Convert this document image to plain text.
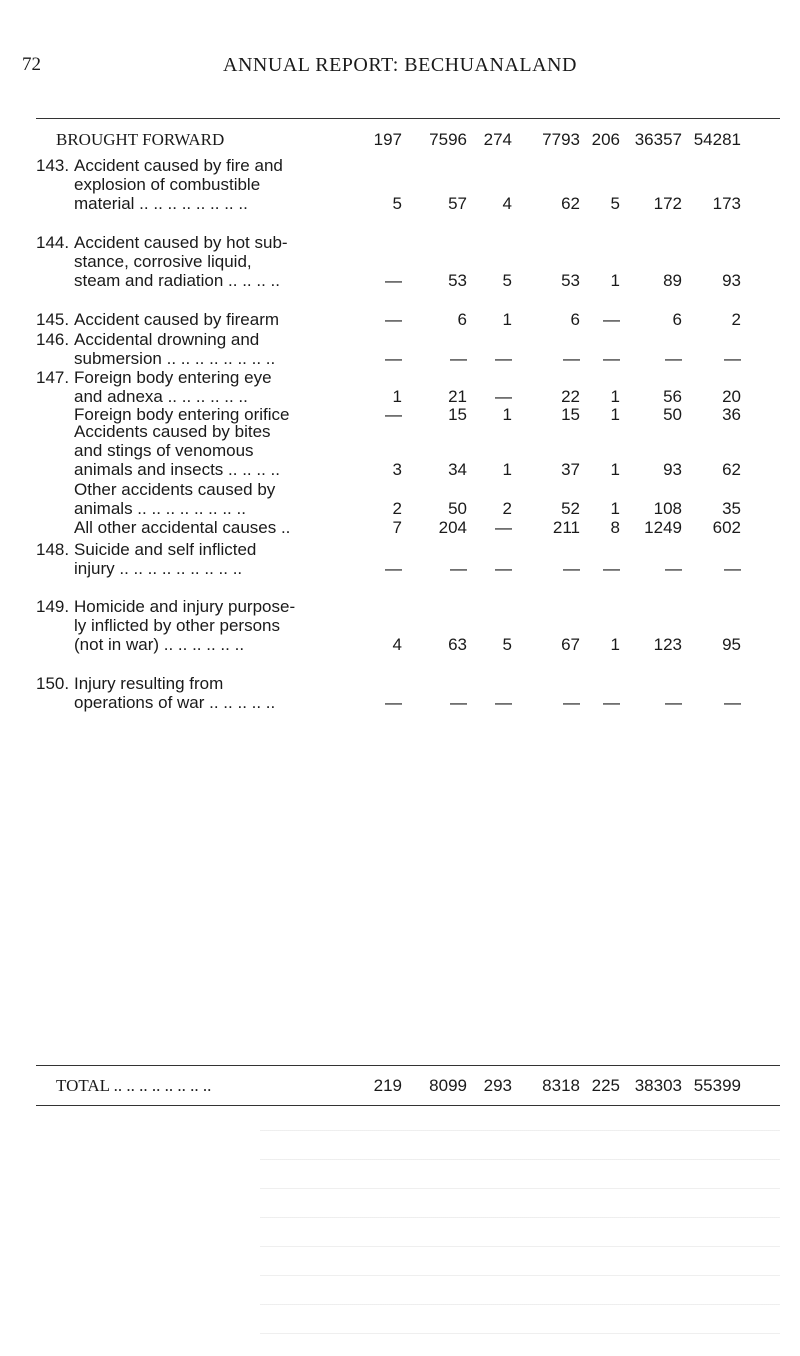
72	ANNUAL REPORT: BECHUANALAND
BROUGHT FORWARD	197	7596 274	7793 206 36357 54281
143. Accident caused by fire and
explosion of combustible
material .. .. .. .. .. .. .. ..	5	57	4	62	5	172	173
144. Accident caused by hot sub-
stance, corrosive liquid,
steam and radiation .. .. .. ..	—	53	5	53	1	89	93
145. Accident caused by firearm	—	6	1	6	—	6	2
146. Accidental drowning and
submersion .. .. .. .. .. .. .. ..	—	—	—	—	—	—	—
147. Foreign body entering eye
and adnexa .. .. .. .. .. ..	1	21	—	22	1	56	20
Foreign body entering orifice	—	15	1	15	1	50	36
Accidents caused by bites
and stings of venomous
animals and insects .. .. .. ..	3	34	1	37	1	93	62
Other accidents caused by
animals .. .. .. .. .. .. .. ..	2	50	2	52	1	108	35
All other accidental causes ..	7	204	—	211	8	1249	602
148. Suicide and self inflicted
injury .. .. .. .. .. .. .. .. ..	—	—	—	—	—	—	—
149. Homicide and injury purpose-
ly inflicted by other persons
(not in war) .. .. .. .. .. ..	4	63	5	67	1	123	95
150. Injury resulting from
operations of war .. .. .. .. ..	—	—	—	—	—	—	—
TOTAL .. .. .. .. .. .. .. ..	219	8099 293	8318 225 38303 55399
